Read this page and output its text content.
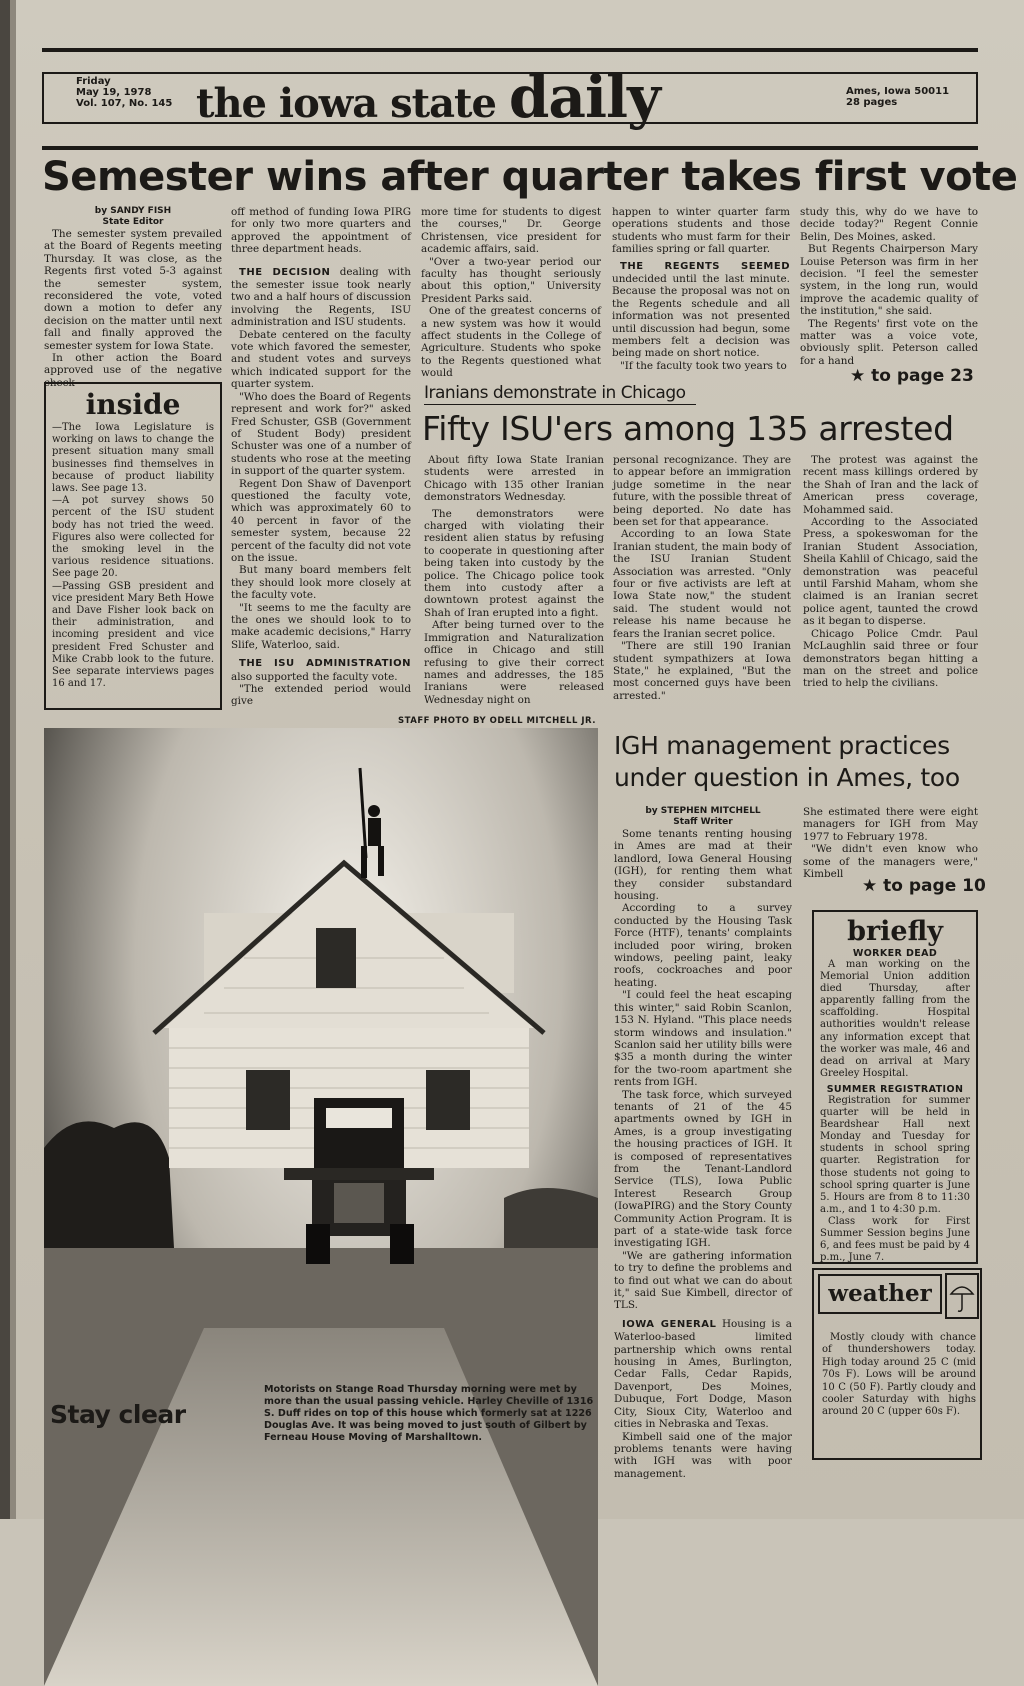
Friday
May 19, 1978
Vol. 107, No. 145 the iowa state daily	Ames, Iowa 50011
28 pages
Semester wins after quarter takes first vote
by SANDY FISH
State Editor

The semester system prevailed at the Board of Regents meeting Thursday. It was close, as the Regents first voted 5-3 against the semester system, reconsidered the vote, voted down a motion to defer any decision on the matter until next fall and finally approved the semester system for Iowa State.

In other action the Board approved use of the negative check-

inside

—The Iowa Legislature is working on laws to change the present situation many small businesses find themselves in because of product liability laws. See page 13.

—A pot survey shows 50 percent of the ISU student body has not tried the weed. Figures also were collected for the smoking level in the various residence situations. See page 20.

—Passing GSB president and vice president Mary Beth Howe and Dave Fisher look back on their administration, and incoming president and vice president Fred Schuster and Mike Crabb look to the future. See separate interviews pages 16 and 17.

off method of funding Iowa PIRG for only two more quarters and approved the appointment of three department heads.

THE DECISION dealing with the semester issue took nearly two and a half hours of discussion involving the Regents, ISU administration and ISU students.

Debate centered on the faculty vote which favored the semester, and student votes and surveys which indicated support for the quarter system.

"Who does the Board of Regents represent and work for?" asked Fred Schuster, GSB (Government of Student Body) president Schuster was one of a number of students who rose at the meeting in support of the quarter system.

Regent Don Shaw of Davenport questioned the faculty vote, which was approximately 60 to 40 percent in favor of the semester system, because 22 percent of the faculty did not vote on the issue.

But many board members felt they should look more closely at the faculty vote.

"It seems to me the faculty are the ones we should look to to make academic decisions," Harry Slife, Waterloo, said.

THE ISU ADMINISTRATION also supported the faculty vote.

"The extended period would give

more time for students to digest the courses," Dr. George Christensen, vice president for academic affairs, said.

"Over a two-year period our faculty has thought seriously about this option," University President Parks said.

One of the greatest concerns of a new system was how it would affect students in the College of Agriculture. Students who spoke to the Regents questioned what would

happen to winter quarter farm operations students and those students who must farm for their families spring or fall quarter.

THE REGENTS SEEMED undecided until the last minute. Because the proposal was not on the Regents schedule and all information was not presented until discussion had begun, some members felt a decision was being made on short notice.

"If the faculty took two years to

study this, why do we have to decide today?" Regent Connie Belin, Des Moines, asked.

But Regents Chairperson Mary Louise Peterson was firm in her decision. "I feel the semester system, in the long run, would improve the academic quality of the institution," she said.

The Regents' first vote on the matter was a voice vote, obviously split. Peterson called for a hand

★ to page 23
Iranians demonstrate in Chicago
Fifty ISU'ers among 135 arrested

About fifty Iowa State Iranian students were arrested in Chicago with 135 other Iranian demonstrators Wednesday.

The demonstrators were charged with violating their resident alien status by refusing to cooperate in questioning after being taken into custody by the police. The Chicago police took them into custody after a downtown protest against the Shah of Iran erupted into a fight.

After being turned over to the Immigration and Naturalization office in Chicago and still refusing to give their correct names and addresses, the 185 Iranians were released Wednesday night on

personal recognizance. They are to appear before an immigration judge sometime in the near future, with the possible threat of being deported. No date has been set for that appearance.

According to an Iowa State Iranian student, the main body of the ISU Iranian Student Association was arrested. "Only four or five activists are left at Iowa State now," the student said. The student would not release his name because he fears the Iranian secret police.

"There are still 190 Iranian student sympathizers at Iowa State," he explained, "But the most concerned guys have been arrested."

The protest was against the recent mass killings ordered by the Shah of Iran and the lack of American press coverage, Mohammed said.

According to the Associated Press, a spokeswoman for the Iranian Student Association, Sheila Kahlil of Chicago, said the demonstration was peaceful until Farshid Maham, whom she claimed is an Iranian secret police agent, taunted the crowd as it began to disperse.

Chicago Police Cmdr. Paul McLaughlin said three or four demonstrators began hitting a man on the street and police tried to help the civilians.

STAFF PHOTO BY ODELL MITCHELL JR.
Stay clear
Motorists on Stange Road Thursday morning were met by more than the usual passing vehicle. Harley Cheville of 1316 S. Duff rides on top of this house which formerly sat at 1226 Douglas Ave. It was being moved to just south of Gilbert by Ferneau House Moving of Marshalltown.
IGH management practices
under question in Ames, too
by STEPHEN MITCHELL
Staff Writer

Some tenants renting housing in Ames are mad at their landlord, Iowa General Housing (IGH), for renting them what they consider substandard housing.

According to a survey conducted by the Housing Task Force (HTF), tenants' complaints included poor wiring, broken windows, peeling paint, leaky roofs, cockroaches and poor heating.

"I could feel the heat escaping this winter," said Robin Scanlon, 153 N. Hyland. "This place needs storm windows and insulation." Scanlon said her utility bills were $35 a month during the winter for the two-room apartment she rents from IGH.

The task force, which surveyed tenants of 21 of the 45 apartments owned by IGH in Ames, is a group investigating the housing practices of IGH. It is composed of representatives from the Tenant-Landlord Service (TLS), Iowa Public Interest Research Group (IowaPIRG) and the Story County Community Action Program. It is part of a state-wide task force investigating IGH.

"We are gathering information to try to define the problems and to find out what we can do about it," said Sue Kimbell, director of TLS.

IOWA GENERAL Housing is a Waterloo-based limited partnership which owns rental housing in Ames, Burlington, Cedar Falls, Cedar Rapids, Davenport, Des Moines, Dubuque, Fort Dodge, Mason City, Sioux City, Waterloo and cities in Nebraska and Texas.

Kimbell said one of the major problems tenants were having with IGH was with poor management.

She estimated there were eight managers for IGH from May 1977 to February 1978.

"We didn't even know who some of the managers were," Kimbell

★ to page 10
briefly
WORKER DEAD

A man working on the Memorial Union addition died Thursday, after apparently falling from the scaffolding. Hospital authorities wouldn't release any information except that the worker was male, 46 and dead on arrival at Mary Greeley Hospital.

SUMMER REGISTRATION

Registration for summer quarter will be held in Beardshear Hall next Monday and Tuesday for students in school spring quarter. Registration for those students not going to school spring quarter is June 5. Hours are from 8 to 11:30 a.m., and 1 to 4:30 p.m.

Class work for First Summer Session begins June 6, and fees must be paid by 4 p.m., June 7.

weather

Mostly cloudy with chance of thundershowers today. High today around 25 C (mid 70s F). Lows will be around 10 C (50 F). Partly cloudy and cooler Saturday with highs around 20 C (upper 60s F).
